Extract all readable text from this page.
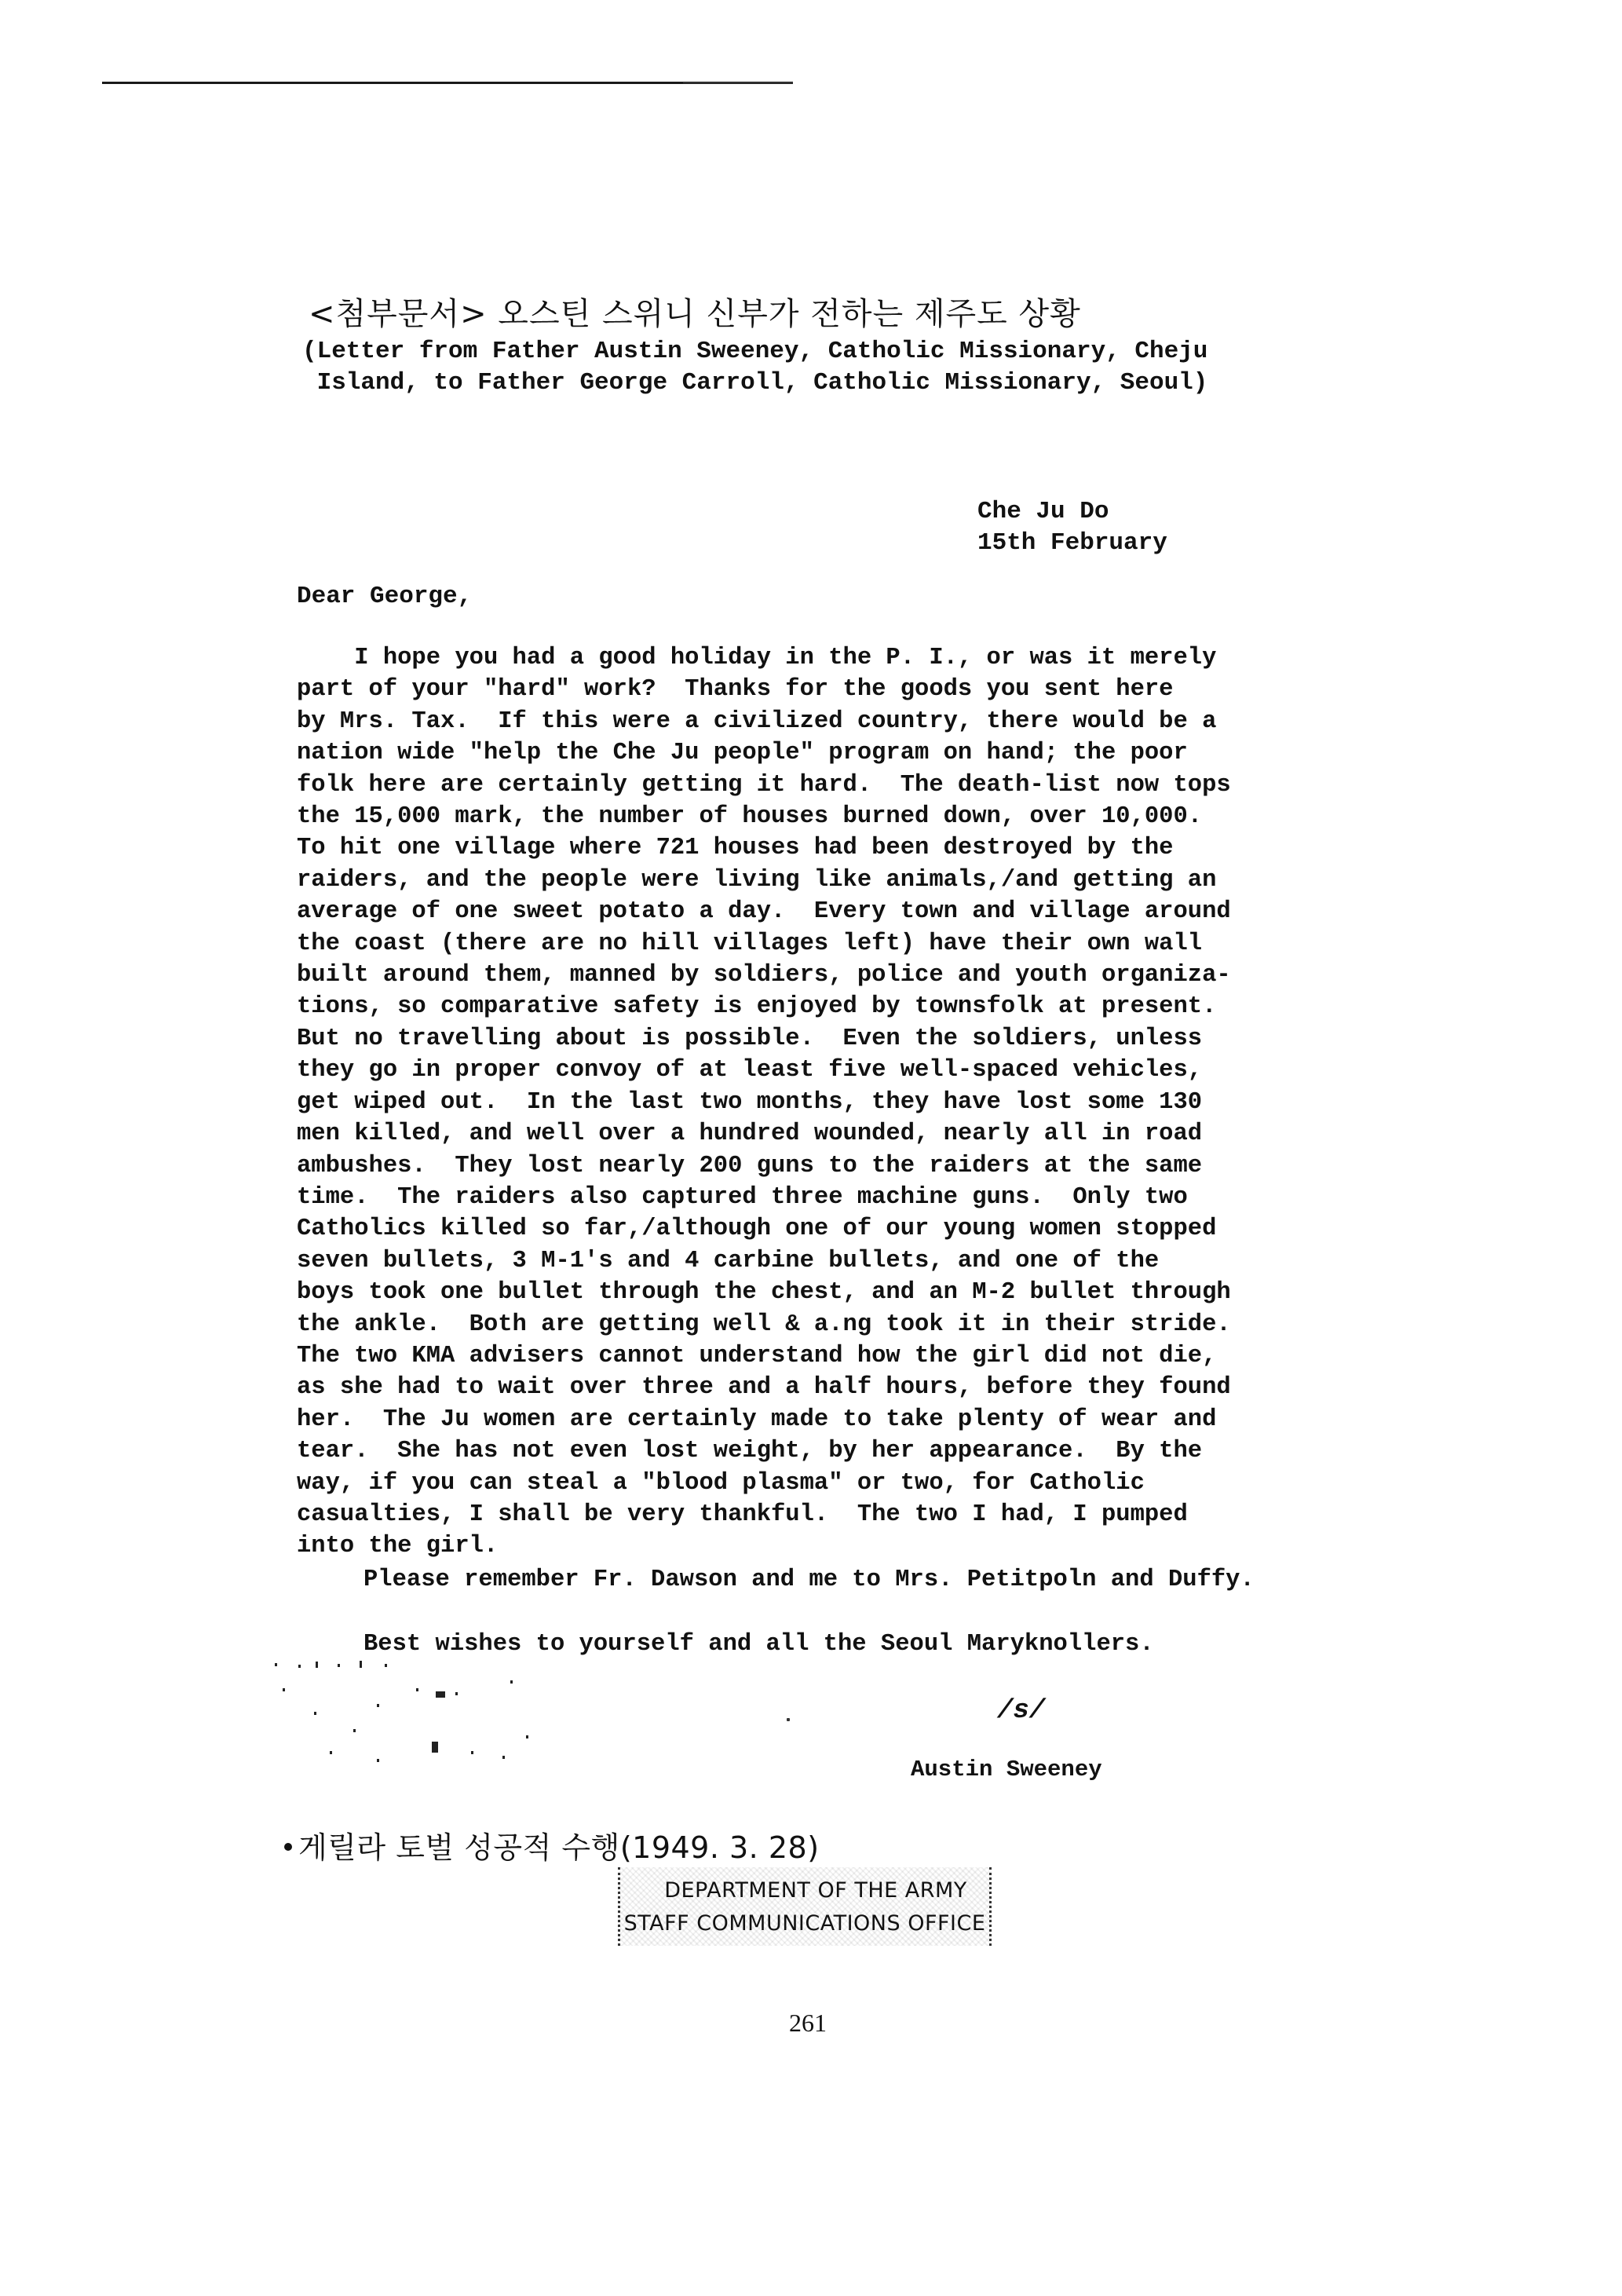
<첨부문서> 오스틴 스위니 신부가 전하는 제주도 상황
(Letter from Father Austin Sweeney, Catholic Missionary, Cheju
Island, to Father George Carroll, Catholic Missionary, Seoul)
Che Ju Do
15th February
Dear George,
I hope you had a good holiday in the P. I., or was it merely
part of your "hard" work?  Thanks for the goods you sent here
by Mrs. Tax.  If this were a civilized country, there would be a
nation wide "help the Che Ju people" program on hand; the poor
folk here are certainly getting it hard.  The death-list now tops
the 15,000 mark, the number of houses burned down, over 10,000.
To hit one village where 721 houses had been destroyed by the
raiders, and the people were living like animals,/and getting an
average of one sweet potato a day.  Every town and village around
the coast (there are no hill villages left) have their own wall
built around them, manned by soldiers, police and youth organiza-
tions, so comparative safety is enjoyed by townsfolk at present.
But no travelling about is possible.  Even the soldiers, unless
they go in proper convoy of at least five well-spaced vehicles,
get wiped out.  In the last two months, they have lost some 130
men killed, and well over a hundred wounded, nearly all in road
ambushes.  They lost nearly 200 guns to the raiders at the same
time.  The raiders also captured three machine guns.  Only two
Catholics killed so far,/although one of our young women stopped
seven bullets, 3 M-1's and 4 carbine bullets, and one of the
boys took one bullet through the chest, and an M-2 bullet through
the ankle.  Both are getting well & a.ng took it in their stride.
The two KMA advisers cannot understand how the girl did not die,
as she had to wait over three and a half hours, before they found
her.  The Ju women are certainly made to take plenty of wear and
tear.  She has not even lost weight, by her appearance.  By the
way, if you can steal a "blood plasma" or two, for Catholic
casualties, I shall be very thankful.  The two I had, I pumped
into the girl.
Please remember Fr. Dawson and me to Mrs. Petitpoln and Duffy.
Best wishes to yourself and all the Seoul Maryknollers.
/s/
Austin Sweeney
게릴라 토벌 성공적 수행(1949. 3. 28)
DEPARTMENT OF THE ARMY
STAFF COMMUNICATIONS OFFICE
261
